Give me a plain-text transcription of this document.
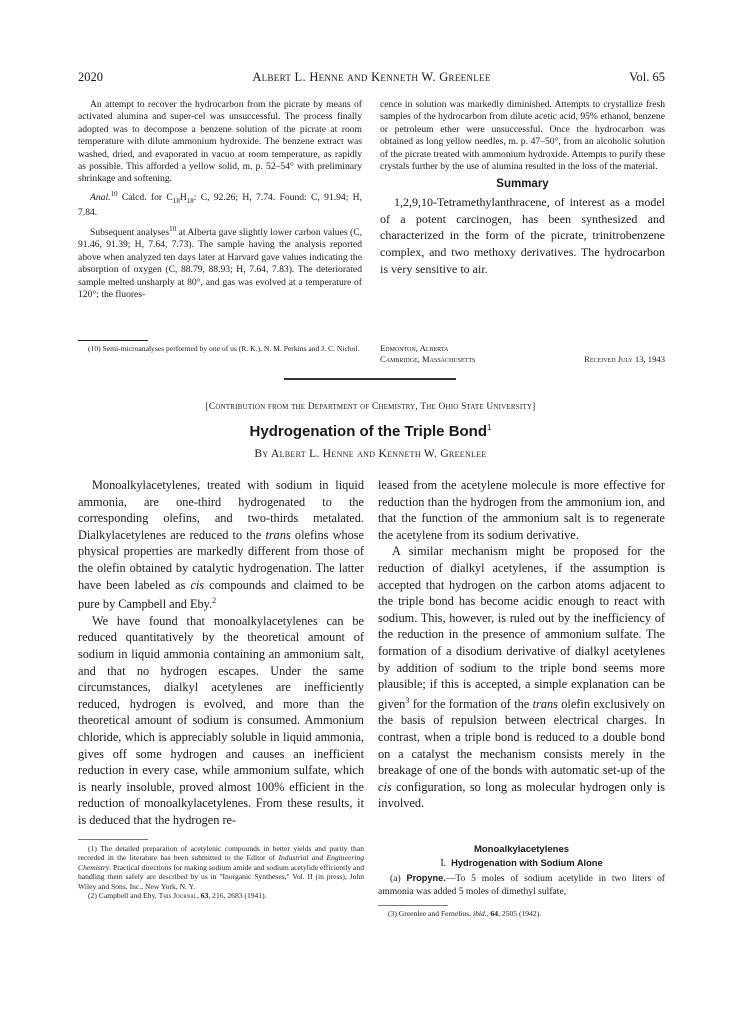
2020	Albert L. Henne and Kenneth W. Greenlee	Vol. 65

An attempt to recover the hydrocarbon from the picrate by means of activated alumina and super-cel was unsuccessful. The process finally adopted was to decompose a benzene solution of the picrate at room temperature with dilute ammonium hydroxide. The benzene extract was washed, dried, and evaporated in vacuo at room temperature, as rapidly as possible. This afforded a yellow solid, m. p. 52–54° with preliminary shrinkage and softening.

Anal.$^{10}$ Calcd. for $C_{18}H_{18}$: C, 92.26; H, 7.74. Found: C, 91.94; H, 7.84.

Subsequent analyses$^{10}$ at Alberta gave slightly lower carbon values (C, 91.46, 91.39; H, 7.64, 7.73). The sample having the analysis reported above when analyzed ten days later at Harvard gave values indicating the absorption of oxygen (C, 88.79, 88.93; H, 7.64, 7.83). The deteriorated sample melted unsharply at 80°, and gas was evolved at a temperature of 120°; the fluores-

(10) Semi-microanalyses performed by one of us (R. K.), N. M. Perkins and J. C. Nichol.

cence in solution was markedly diminished. Attempts to crystallize fresh samples of the hydrocarbon from dilute acetic acid, 95% ethanol, benzene or petroleum ether were unsuccessful. Once the hydrocarbon was obtained as long yellow needles, m. p. 47–50°, from an alcoholic solution of the picrate treated with ammonium hydroxide. Attempts to purify these crystals further by the use of alumina resulted in the loss of the material.

Summary

1,2,9,10-Tetramethylanthracene, of interest as a model of a potent carcinogen, has been synthesized and characterized in the form of the picrate, trinitrobenzene complex, and two methoxy derivatives. The hydrocarbon is very sensitive to air.

Edmonton, Alberta
Cambridge, Massachusetts	Received July 13, 1943
[Contribution from the Department of Chemistry, The Ohio State University]
Hydrogenation of the Triple Bond$^1$
By Albert L. Henne and Kenneth W. Greenlee

Monoalkylacetylenes, treated with sodium in liquid ammonia, are one-third hydrogenated to the corresponding olefins, and two-thirds metalated. Dialkylacetylenes are reduced to the trans olefins whose physical properties are markedly different from those of the olefin obtained by catalytic hydrogenation. The latter have been labeled as cis compounds and claimed to be pure by Campbell and Eby.$^2$

We have found that monoalkylacetylenes can be reduced quantitatively by the theoretical amount of sodium in liquid ammonia containing an ammonium salt, and that no hydrogen escapes. Under the same circumstances, dialkyl acetylenes are inefficiently reduced, hydrogen is evolved, and more than the theoretical amount of sodium is consumed. Ammonium chloride, which is appreciably soluble in liquid ammonia, gives off some hydrogen and causes an inefficient reduction in every case, while ammonium sulfate, which is nearly insoluble, proved almost 100% efficient in the reduction of monoalkylacetylenes. From these results, it is deduced that the hydrogen re-

(1) The detailed preparation of acetylenic compounds in better yields and purity than recorded in the literature has been submitted to the Editor of Industrial and Engineering Chemistry. Practical directions for making sodium amide and sodium acetylide efficiently and handling them safely are described by us in "Inorganic Syntheses," Vol. II (in press), John Wiley and Sons, Inc., New York, N. Y.

(2) Campbell and Eby, This Journal, 63, 216, 2683 (1941).

leased from the acetylene molecule is more effective for reduction than the hydrogen from the ammonium ion, and that the function of the ammonium salt is to regenerate the acetylene from its sodium derivative.

A similar mechanism might be proposed for the reduction of dialkyl acetylenes, if the assumption is accepted that hydrogen on the carbon atoms adjacent to the triple bond has become acidic enough to react with sodium. This, however, is ruled out by the inefficiency of the reduction in the presence of ammonium sulfate. The formation of a disodium derivative of dialkyl acetylenes by addition of sodium to the triple bond seems more plausible; if this is accepted, a simple explanation can be given$^3$ for the formation of the trans olefin exclusively on the basis of repulsion between electrical charges. In contrast, when a triple bond is reduced to a double bond on a catalyst the mechanism consists merely in the breakage of one of the bonds with automatic set-up of the cis configuration, so long as molecular hydrogen only is involved.

Monoalkylacetylenes
I. Hydrogenation with Sodium Alone

(a) Propyne.—To 5 moles of sodium acetylide in two liters of ammonia was added 5 moles of dimethyl sulfate,

(3) Greenlee and Fernelius, ibid., 64, 2505 (1942).
